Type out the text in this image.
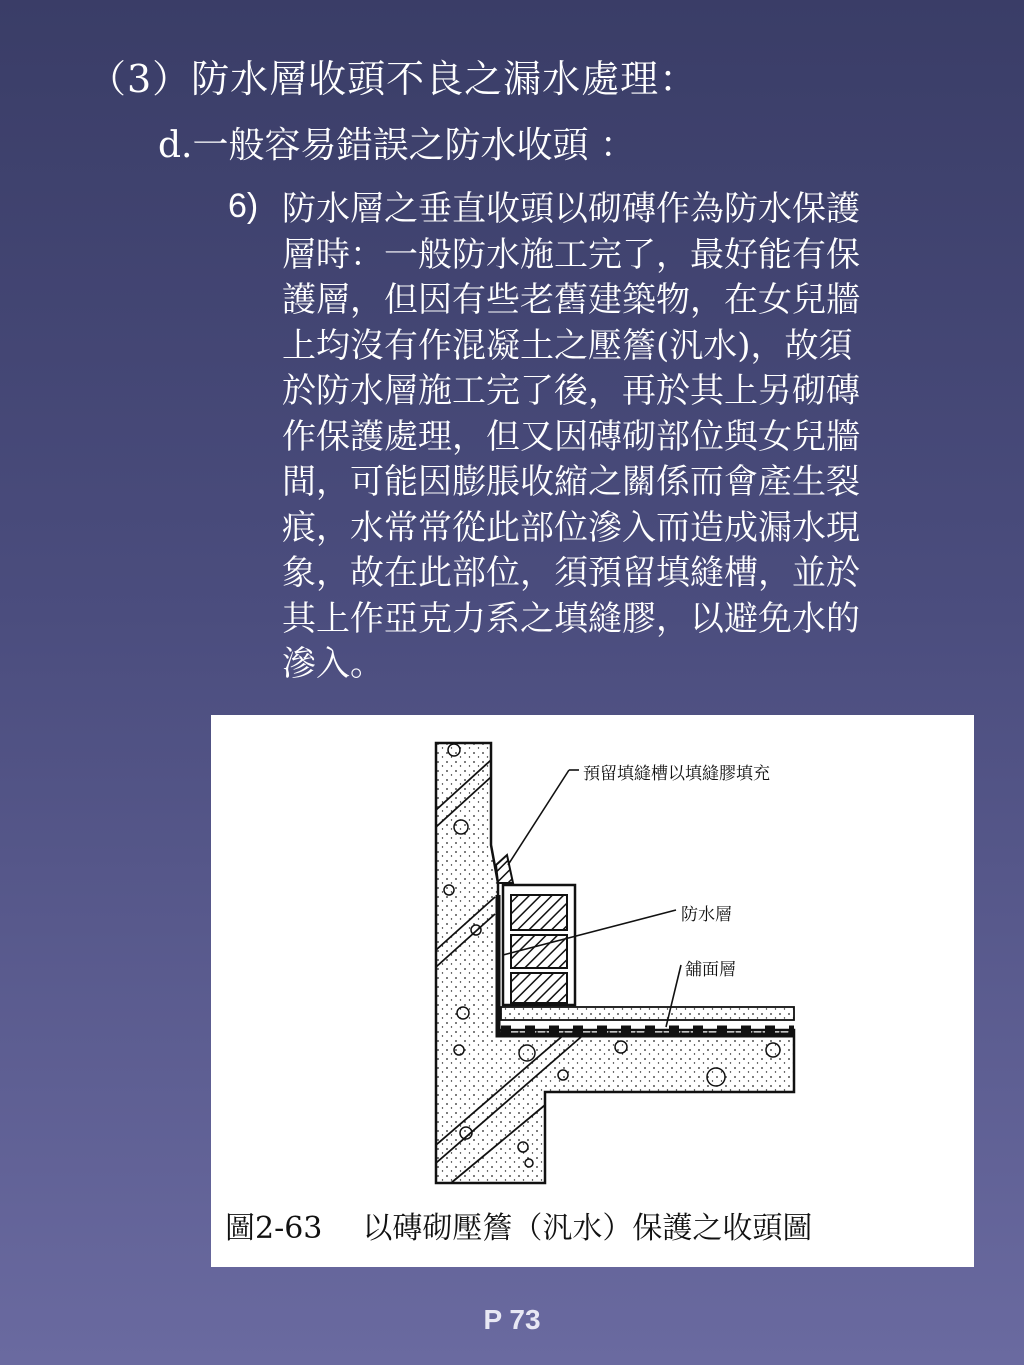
（3）防水層收頭不良之漏水處理：
d.一般容易錯誤之防水收頭 ：
6) 防水層之垂直收頭以砌磚作為防水保護
層時：一般防水施工完了，最好能有保
護層，但因有些老舊建築物，在女兒牆
上均沒有作混凝土之壓簷(汎水)，故須
於防水層施工完了後，再於其上另砌磚
作保護處理，但又因磚砌部位與女兒牆
間，可能因膨脹收縮之關係而會產生裂
痕，水常常從此部位滲入而造成漏水現
象，故在此部位，須預留填縫槽，並於
其上作亞克力系之填縫膠，以避免水的
滲入。
預留填縫槽以填縫膠填充
防水層
舖面層
圖2-63 以磚砌壓簷（汎水）保護之收頭圖
P 73
